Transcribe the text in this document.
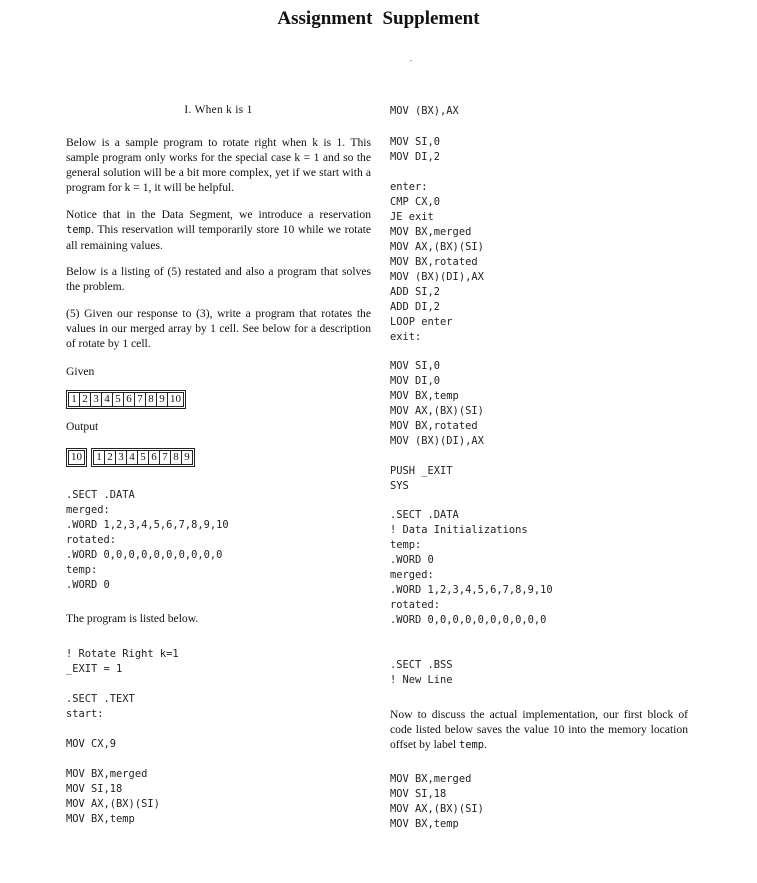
Assignment Supplement
I. When k is 1
Below is a sample program to rotate right when k is 1. This sample program only works for the special case k = 1 and so the general solution will be a bit more complex, yet if we start with a program for k = 1, it will be helpful.
Notice that in the Data Segment, we introduce a reservation temp. This reservation will temporarily store 10 while we rotate all remaining values.
Below is a listing of (5) restated and also a program that solves the problem.
(5) Given our response to (3), write a program that rotates the values in our merged array by 1 cell. See below for a description of rotate by 1 cell.
Given
1 2 3 4 5 6 7 8 9 10
Output
10 1 2 3 4 5 6 7 8 9
.SECT .DATA
merged:
.WORD 1,2,3,4,5,6,7,8,9,10
rotated:
.WORD 0,0,0,0,0,0,0,0,0,0
temp:
.WORD 0
The program is listed below.
! Rotate Right k=1
_EXIT = 1
.SECT .TEXT
start:
MOV CX,9
MOV BX,merged
MOV SI,18
MOV AX,(BX)(SI)
MOV BX,temp
MOV (BX),AX
MOV SI,0
MOV DI,2
enter:
CMP CX,0
JE exit
MOV BX,merged
MOV AX,(BX)(SI)
MOV BX,rotated
MOV (BX)(DI),AX
ADD SI,2
ADD DI,2
LOOP enter
exit:
MOV SI,0
MOV DI,0
MOV BX,temp
MOV AX,(BX)(SI)
MOV BX,rotated
MOV (BX)(DI),AX
PUSH _EXIT
SYS
.SECT .DATA
! Data Initializations
temp:
.WORD 0
merged:
.WORD 1,2,3,4,5,6,7,8,9,10
rotated:
.WORD 0,0,0,0,0,0,0,0,0,0
.SECT .BSS
! New Line
Now to discuss the actual implementation, our first block of code listed below saves the value 10 into the memory location offset by label temp.
MOV BX,merged
MOV SI,18
MOV AX,(BX)(SI)
MOV BX,temp
